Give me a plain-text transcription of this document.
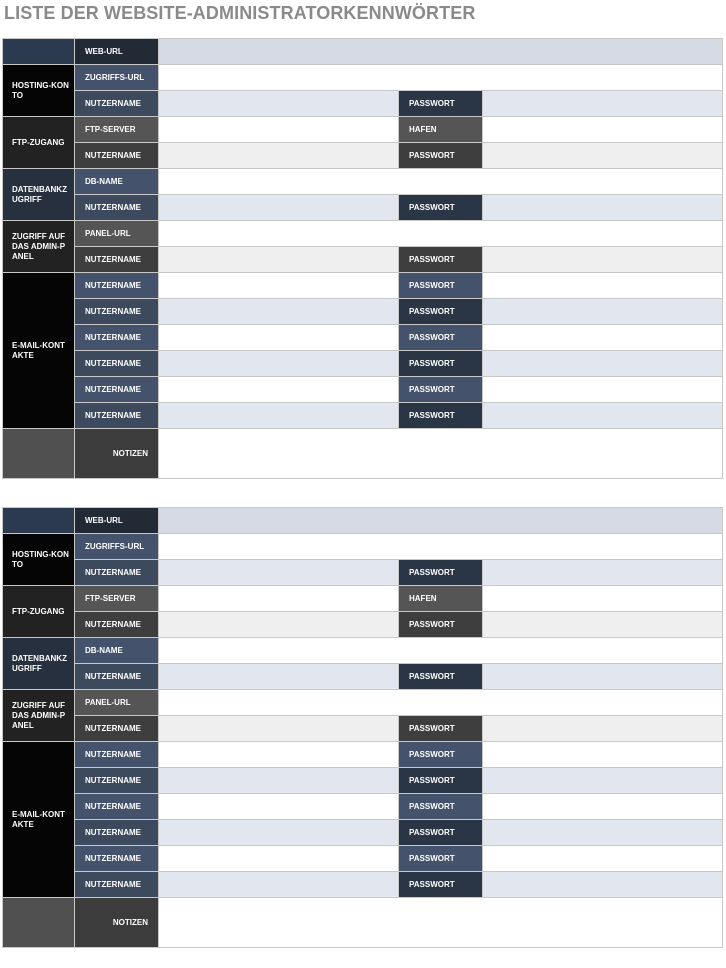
LISTE DER WEBSITE-ADMINISTRATORKENNWÖRTER
	WEB-URL			
HOSTING-KONTO	ZUGRIFFS-URL			
	NUTZERNAME		PASSWORT	
FTP-ZUGANG	FTP-SERVER		HAFEN	
	NUTZERNAME		PASSWORT	
DATENBANKZUGRIFF	DB-NAME			
	NUTZERNAME		PASSWORT	
ZUGRIFF AUF DAS ADMIN-PANEL	PANEL-URL			
	NUTZERNAME		PASSWORT	
E-MAIL-KONTAKTE	NUTZERNAME		PASSWORT	
	NUTZERNAME		PASSWORT	
	NUTZERNAME		PASSWORT	
	NUTZERNAME		PASSWORT	
	NUTZERNAME		PASSWORT	
	NUTZERNAME		PASSWORT	
	NOTIZEN			
	WEB-URL			
HOSTING-KONTO	ZUGRIFFS-URL			
	NUTZERNAME		PASSWORT	
FTP-ZUGANG	FTP-SERVER		HAFEN	
	NUTZERNAME		PASSWORT	
DATENBANKZUGRIFF	DB-NAME			
	NUTZERNAME		PASSWORT	
ZUGRIFF AUF DAS ADMIN-PANEL	PANEL-URL			
	NUTZERNAME		PASSWORT	
E-MAIL-KONTAKTE	NUTZERNAME		PASSWORT	
	NUTZERNAME		PASSWORT	
	NUTZERNAME		PASSWORT	
	NUTZERNAME		PASSWORT	
	NUTZERNAME		PASSWORT	
	NUTZERNAME		PASSWORT	
	NOTIZEN			
